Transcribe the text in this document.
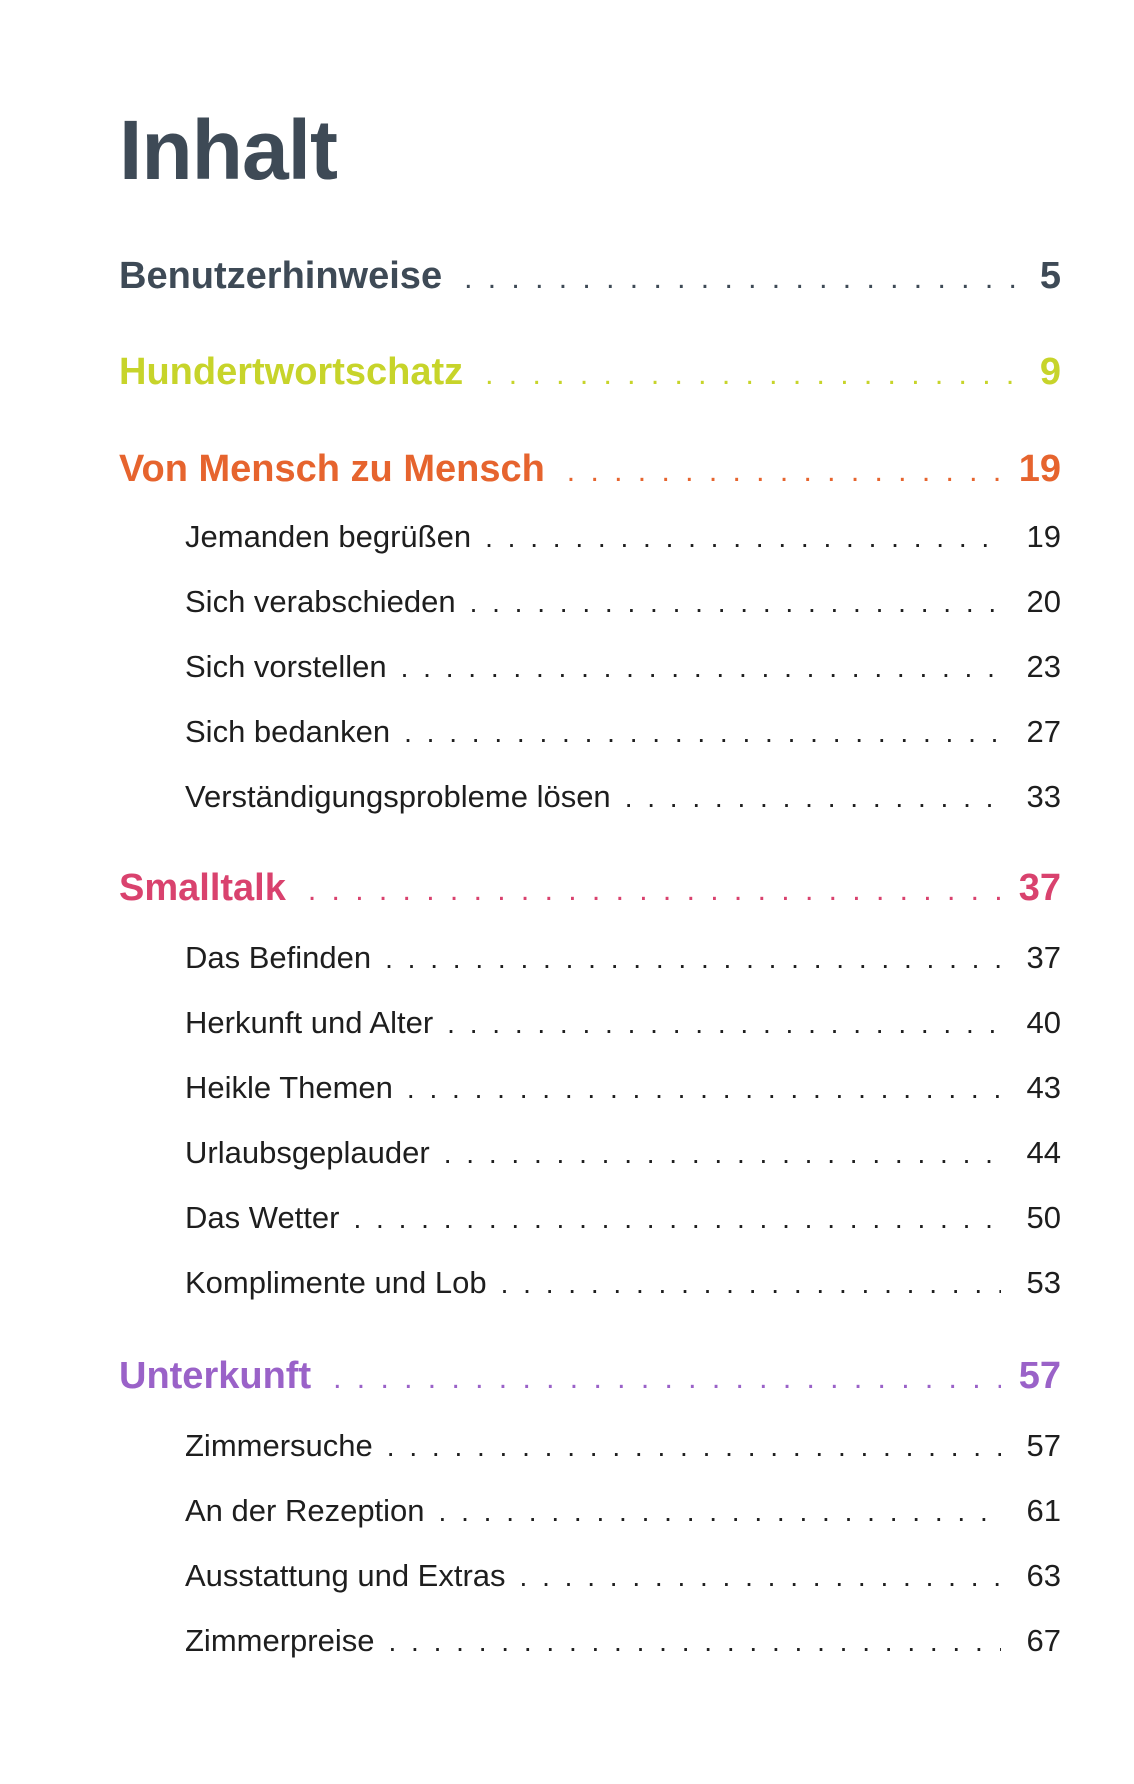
Inhalt
Benutzerhinweise . . .	5
Hundertwortschatz . . .	9
Von Mensch zu Mensch . . .	19
Jemanden begrüßen . . .	19
Sich verabschieden . . .	20
Sich vorstellen . . .	23
Sich bedanken . . .	27
Verständigungsprobleme lösen . . .	33
Smalltalk . . .	37
Das Befinden . . .	37
Herkunft und Alter . . .	40
Heikle Themen . . .	43
Urlaubsgeplauder . . .	44
Das Wetter . . .	50
Komplimente und Lob . . .	53
Unterkunft . . .	57
Zimmersuche . . .	57
An der Rezeption . . .	61
Ausstattung und Extras . . .	63
Zimmerpreise . . .	67
